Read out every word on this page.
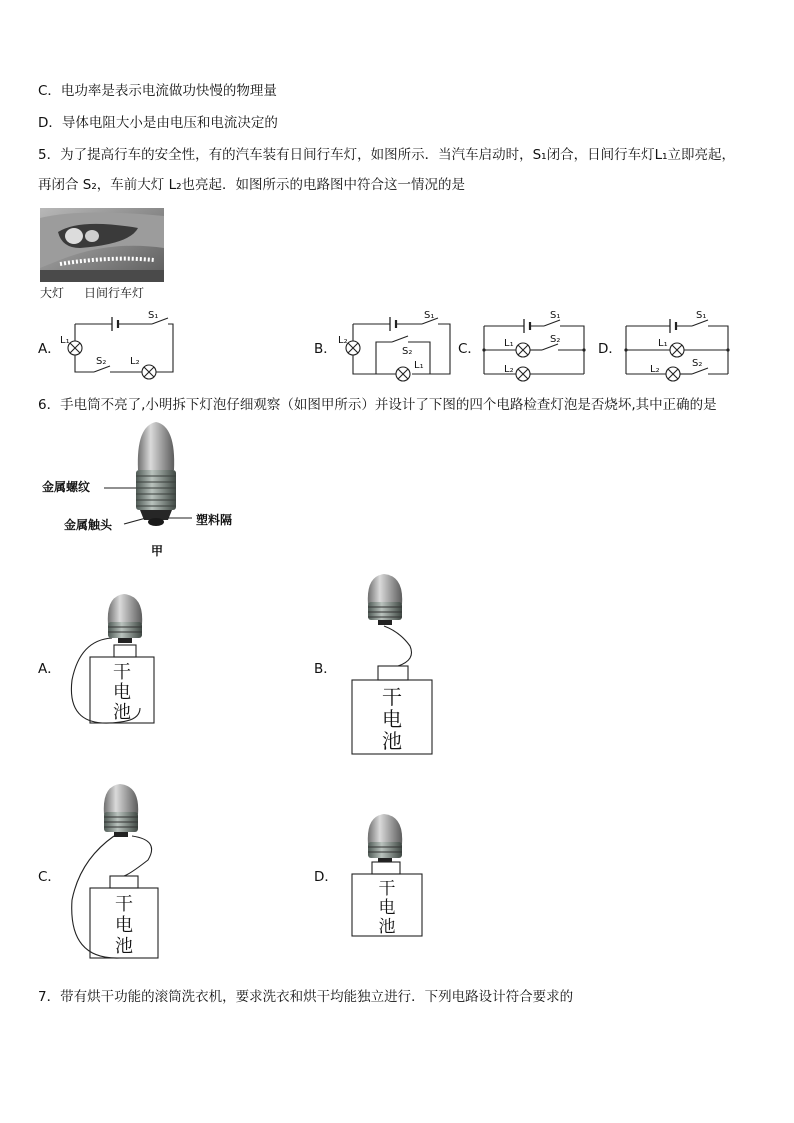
C．电功率是表示电流做功快慢的物理量
D．导体电阻大小是由电压和电流决定的
5．为了提高行车的安全性，有的汽车装有日间行车灯，如图所示．当汽车启动时，S₁闭合，日间行车灯L₁立即亮起，
再闭合 S₂，车前大灯 L₂也亮起．如图所示的电路图中符合这一情况的是
大灯 日间行车灯
A．	B．	C．	D．
S₁
L₁
S₂ L₂
S₁
L₂
S₂
L₁
S₁
L₁	S₂
L₂
S₁
L₁
S₂
L₂
6．手电筒不亮了,小明拆下灯泡仔细观察（如图甲所示）并设计了下图的四个电路检查灯泡是否烧坏,其中正确的是
金属螺纹
金属触头	塑料隔
甲
A．	B．
C．	D．
干
电
池
干
电
池
干
电
池
干
电
池
7．带有烘干功能的滚筒洗衣机，要求洗衣和烘干均能独立进行．下列电路设计符合要求的
